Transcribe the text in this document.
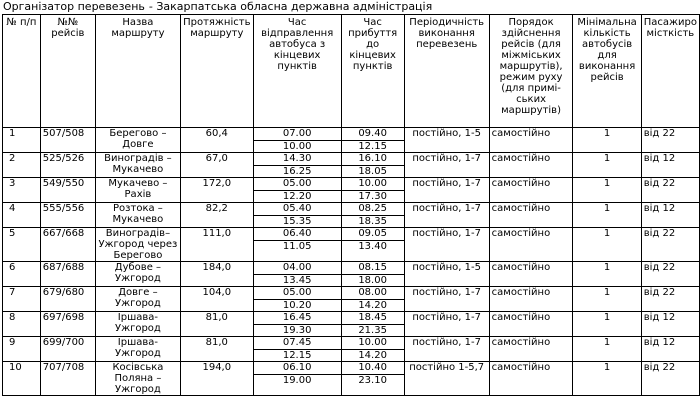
Організатор перевезень - Закарпатська обласна державна адміністрація
№ п/п	№№ рейсів	Назва маршруту	Протяжність маршруту	Час відправлення автобуса з кінцевих пунктів	Час прибуття до кінцевих пунктів	Періодичність виконання перевезень	Порядок здійснення рейсів (для міжміських маршрутів), режим руху (для примі- ських маршрутів)	Мінімальна кількість автобусів для виконання рейсів	Пасажиро місткість
1	507/508	Берегово – Довге	60,4	07.00	09.40	постійно, 1-5	самостійно	1	від 22
				10.00	12.15				
2	525/526	Виноградів – Мукачево	67,0	14.30	16.10	постійно, 1-7	самостійно	1	від 12
				16.25	18.05				
3	549/550	Мукачево – Рахів	172,0	05.00	10.00	постійно, 1-7	самостійно	1	від 22
				12.20	17.30				
4	555/556	Розтока – Мукачево	82,2	05.40	08.25	постійно, 1-7	самостійно	1	від 12
				15.35	18.35				
5	667/668	Виноградів– Ужгород через Берегово	111,0	06.40	09.05	постійно, 1-7	самостійно	1	від 22
				11.05	13.40				
6	687/688	Дубове – Ужгород	184,0	04.00	08.15	постійно, 1-5	самостійно	1	від 22
				13.45	18.00				
7	679/680	Довге – Ужгород	104,0	05.00	08.00	постійно, 1-7	самостійно	1	від 22
				10.20	14.20				
8	697/698	Іршава- Ужгород	81,0	16.45	18.45	постійно, 1-7	самостійно	1	від 12
				19.30	21.35				
9	699/700	Іршава- Ужгород	81,0	07.45	10.00	постійно, 1-7	самостійно	1	від 12
				12.15	14.20				
10	707/708	Косівська Поляна – Ужгород	194,0	06.10	10.40	постійно 1-5,7	самостійно	1	від 22
				19.00	23.10				
